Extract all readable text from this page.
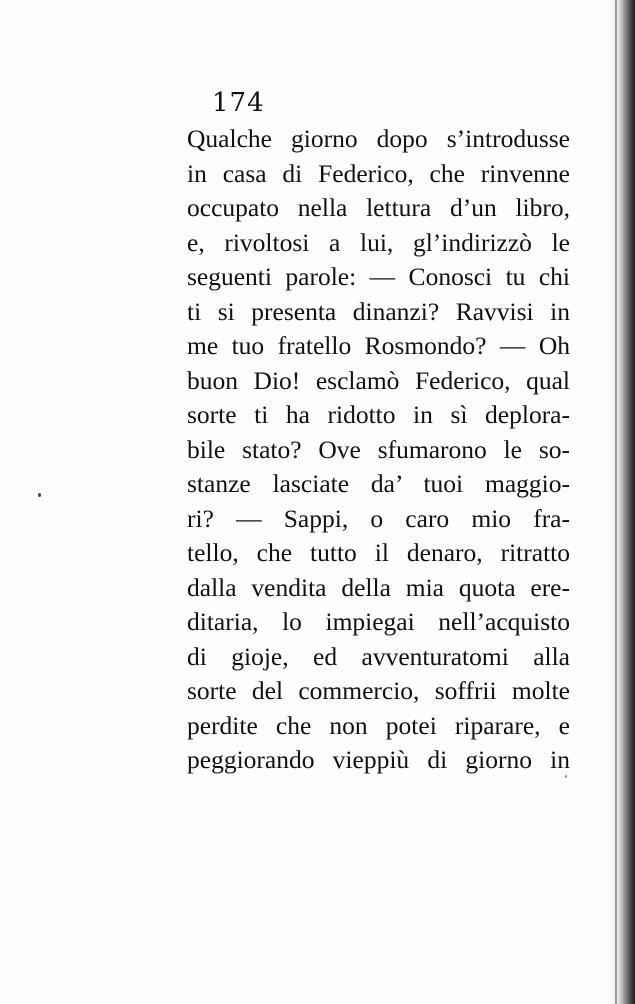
174
Qualche giorno dopo s’introdusse
in casa di Federico, che rinvenne
occupato nella lettura d’un libro,
e, rivoltosi a lui, gl’indirizzò le
seguenti parole: — Conosci tu chi
ti si presenta dinanzi? Ravvisi in
me tuo fratello Rosmondo? — Oh
buon Dio! esclamò Federico, qual
sorte ti ha ridotto in sì deplora-
bile stato? Ove sfumarono le so-
stanze lasciate da’ tuoi maggio-
ri? — Sappi, o caro mio fra-
tello, che tutto il denaro, ritratto
dalla vendita della mia quota ere-
ditaria, lo impiegai nell’acquisto
di gioje, ed avventuratomi alla
sorte del commercio, soffrii molte
perdite che non potei riparare, e
peggiorando vieppiù di giorno in
